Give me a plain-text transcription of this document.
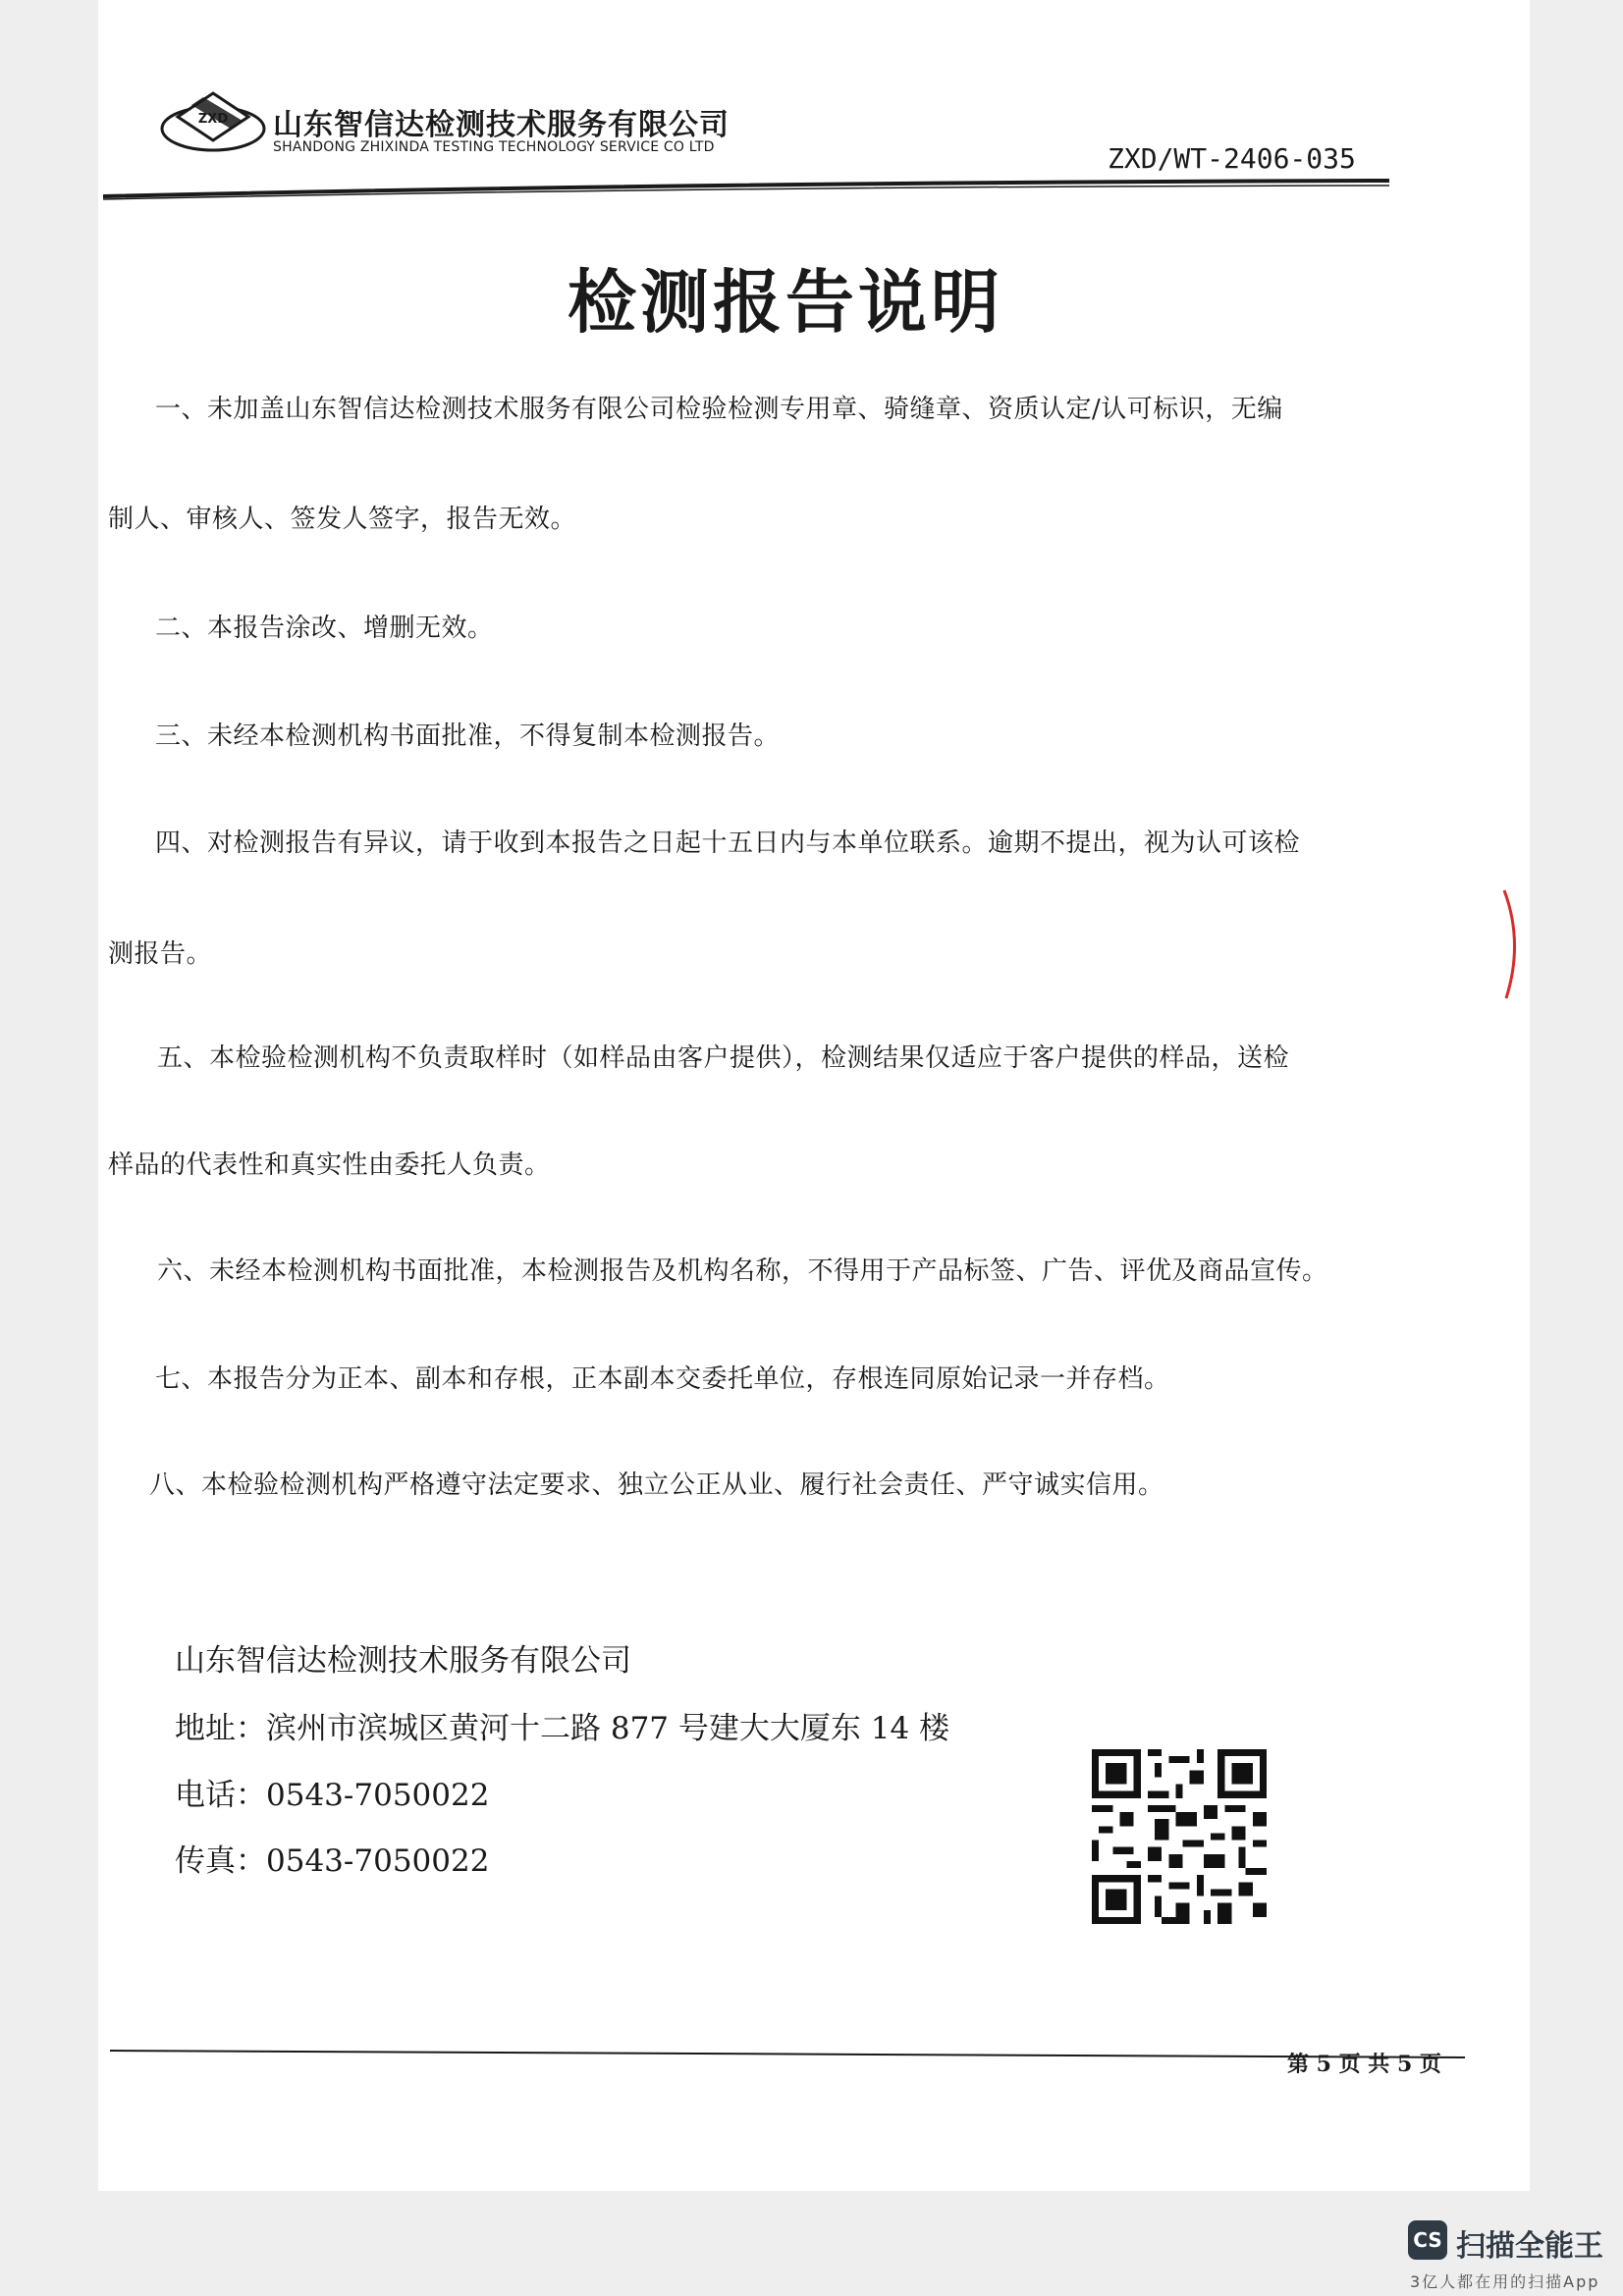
ZXD 山东智信达检测技术服务有限公司
SHANDONG ZHIXINDA TESTING TECHNOLOGY SERVICE CO LTD	ZXD/WT-2406-035
检测报告说明
一、未加盖山东智信达检测技术服务有限公司检验检测专用章、骑缝章、资质认定/认可标识，无编
制人、审核人、签发人签字，报告无效。
二、本报告涂改、增删无效。
三、未经本检测机构书面批准，不得复制本检测报告。
四、对检测报告有异议，请于收到本报告之日起十五日内与本单位联系。逾期不提出，视为认可该检
测报告。
五、本检验检测机构不负责取样时（如样品由客户提供），检测结果仅适应于客户提供的样品，送检
样品的代表性和真实性由委托人负责。
六、未经本检测机构书面批准，本检测报告及机构名称，不得用于产品标签、广告、评优及商品宣传。
七、本报告分为正本、副本和存根，正本副本交委托单位，存根连同原始记录一并存档。
八、本检验检测机构严格遵守法定要求、独立公正从业、履行社会责任、严守诚实信用。
山东智信达检测技术服务有限公司
地址：滨州市滨城区黄河十二路 877 号建大大厦东 14 楼
电话：0543-7050022
传真：0543-7050022
第 5 页 共 5 页
CS 扫描全能王
3亿人都在用的扫描App
